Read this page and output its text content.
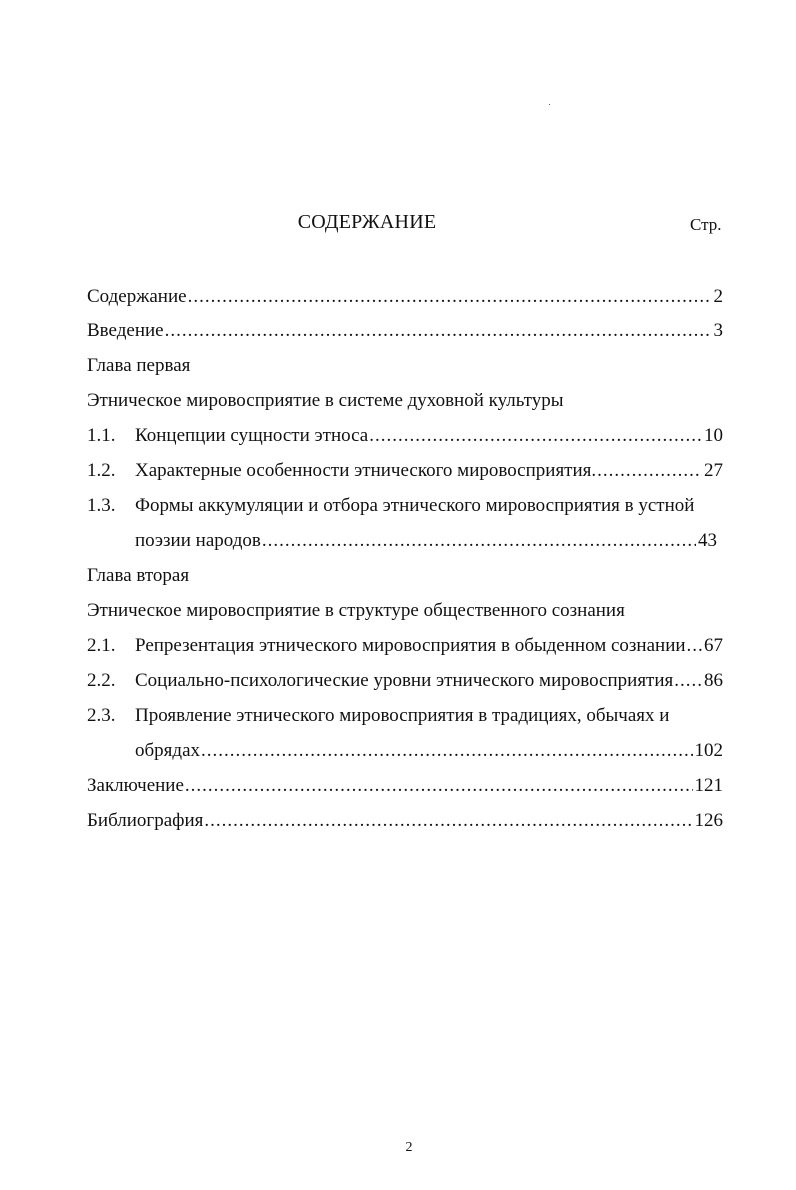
СОДЕРЖАНИЕ	Стр.
Содержание .....	2
Введение .....	3
Глава первая
Этническое мировосприятие в системе духовной культуры
1.1.	Концепции сущности этноса .....	10
1.2.	Характерные особенности этнического мировосприятия. .....	27
1.3.	Формы аккумуляции и отбора этнического мировосприятия в устной
поэзии народов .....	43
Глава вторая
Этническое мировосприятие в структуре общественного сознания
2.1.	Репрезентация этнического мировосприятия в обыденном сознании ..... 67
2.2.	Социально-психологические уровни этнического мировосприятия ..... 86
2.3.	Проявление этнического мировосприятия в традициях, обычаях и
обрядах .....	102
Заключение .....	121
Библиография .....	126
2
